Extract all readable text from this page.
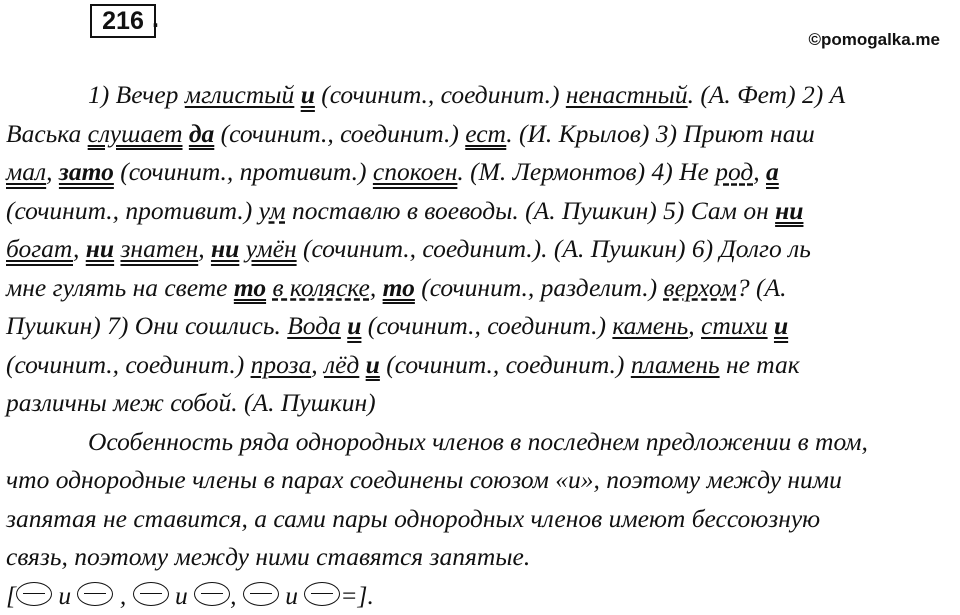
216 .
©pomogalka.me
1) Вечер мглистый и (сочинит., соединит.) ненастный. (А. Фет) 2) А
Васька слушает да (сочинит., соединит.) ест. (И. Крылов) 3) Приют наш
мал, зато (сочинит., противит.) спокоен. (М. Лермонтов) 4) Не род, а
(сочинит., противит.) ум поставлю в воеводы. (А. Пушкин) 5) Сам он ни
богат, ни знатен, ни умён (сочинит., соединит.). (А. Пушкин) 6) Долго ль
мне гулять на свете то в коляске, то (сочинит., разделит.) верхом? (А.
Пушкин) 7) Они сошлись. Вода и (сочинит., соединит.) камень, стихи и
(сочинит., соединит.) проза, лёд и (сочинит., соединит.) пламень не так
различны меж собой. (А. Пушкин)
Особенность ряда однородных членов в последнем предложении в том,
что однородные члены в парах соединены союзом «и», поэтому между ними
запятая не ставится, а сами пары однородных членов имеют бессоюзную
связь, поэтому между ними ставятся запятые.
[ и  ,  и ,  и =].
